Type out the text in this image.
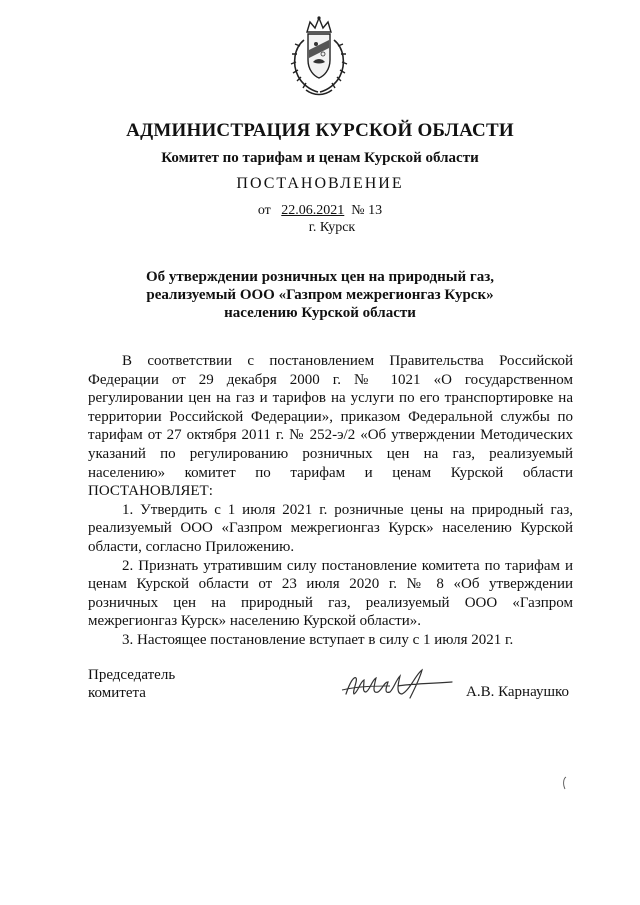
АДМИНИСТРАЦИЯ КУРСКОЙ ОБЛАСТИ
Комитет по тарифам и ценам Курской области
ПОСТАНОВЛЕНИЕ
от 22.06.2021 № 13
г. Курск
Об утверждении розничных цен на природный газ,
реализуемый ООО «Газпром межрегионгаз Курск»
населению Курской области

В соответствии с постановлением Правительства Российской Федерации от 29 декабря 2000 г. № 1021 «О государственном регулировании цен на газ и тарифов на услуги по его транспортировке на территории Российской Федерации», приказом Федеральной службы по тарифам от 27 октября 2011 г. № 252-э/2 «Об утверждении Методических указаний по регулированию розничных цен на газ, реализуемый населению» комитет по тарифам и ценам Курской области

ПОСТАНОВЛЯЕТ:

1. Утвердить с 1 июля 2021 г. розничные цены на природный газ, реализуемый ООО «Газпром межрегионгаз Курск» населению Курской области, согласно Приложению.

2. Признать утратившим силу постановление комитета по тарифам и ценам Курской области от 23 июля 2020 г. № 8 «Об утверждении розничных цен на природный газ, реализуемый ООО «Газпром межрегионгаз Курск» населению Курской области».

3. Настоящее постановление вступает в силу с 1 июля 2021 г.

Председатель
комитета	А.В. Карнаушко
